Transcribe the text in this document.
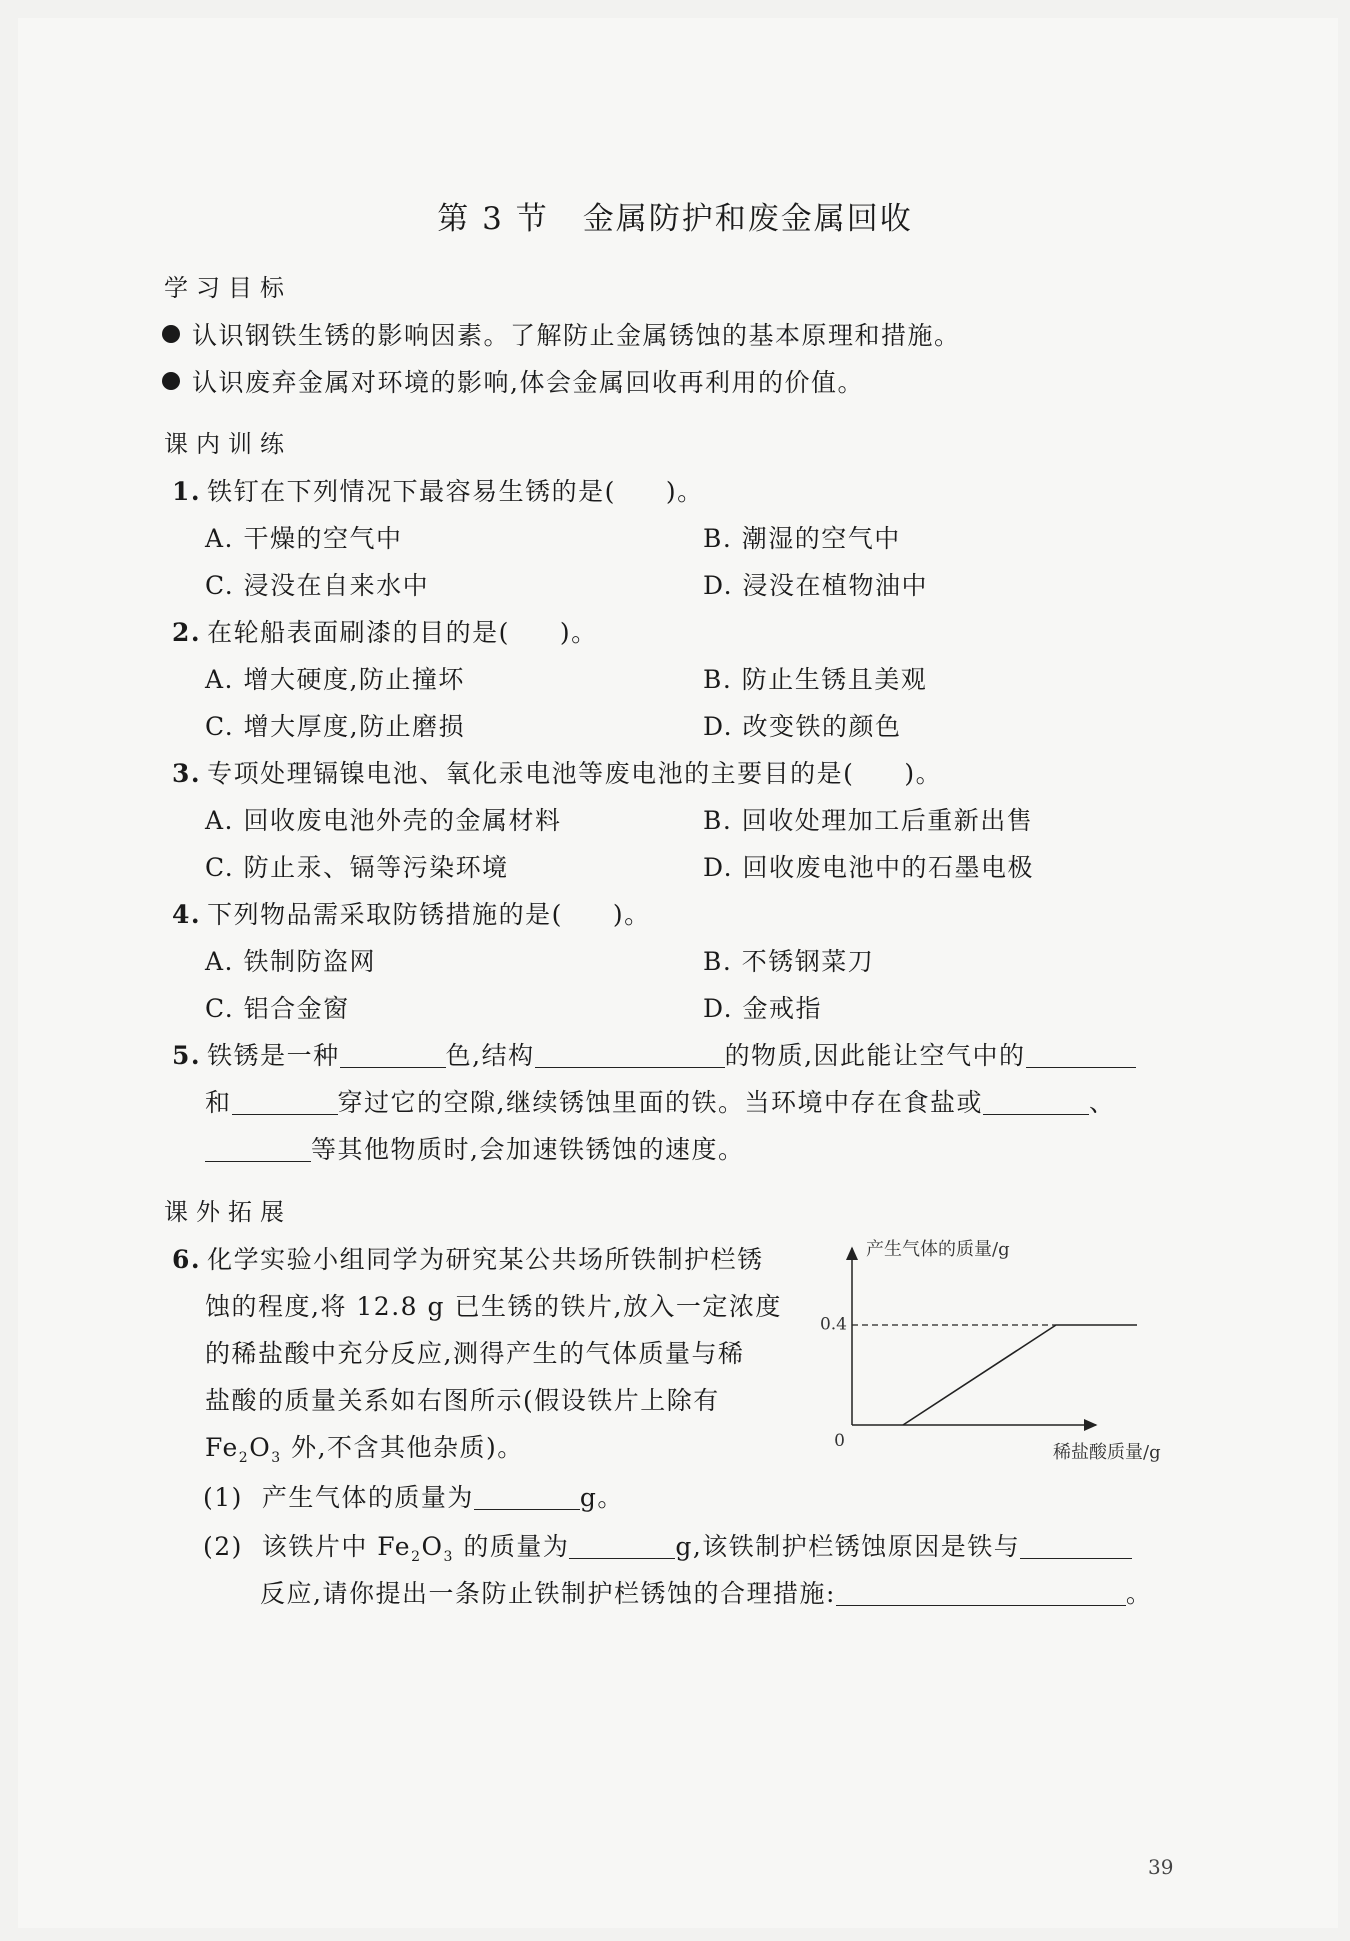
第 3 节 金属防护和废金属回收
学习目标
认识钢铁生锈的影响因素。了解防止金属锈蚀的基本原理和措施。
认识废弃金属对环境的影响,体会金属回收再利用的价值。
课内训练
1. 铁钉在下列情况下最容易生锈的是( )。
A. 干燥的空气中	B. 潮湿的空气中
C. 浸没在自来水中	D. 浸没在植物油中
2. 在轮船表面刷漆的目的是( )。
A. 增大硬度,防止撞坏	B. 防止生锈且美观
C. 增大厚度,防止磨损	D. 改变铁的颜色
3. 专项处理镉镍电池、氧化汞电池等废电池的主要目的是( )。
A. 回收废电池外壳的金属材料	B. 回收处理加工后重新出售
C. 防止汞、镉等污染环境	D. 回收废电池中的石墨电极
4. 下列物品需采取防锈措施的是( )。
A. 铁制防盗网	B. 不锈钢菜刀
C. 铝合金窗	D. 金戒指
5. 铁锈是一种	色,结构	的物质,因此能让空气中的
和	穿过它的空隙,继续锈蚀里面的铁。当环境中存在食盐或	、
等其他物质时,会加速铁锈蚀的速度。
课外拓展
6. 化学实验小组同学为研究某公共场所铁制护栏锈
蚀的程度,将 12.8 g 已生锈的铁片,放入一定浓度
的稀盐酸中充分反应,测得产生的气体质量与稀
盐酸的质量关系如右图所示(假设铁片上除有
$Fe_2O_3$ 外,不含其他杂质)。
(1) 产生气体的质量为	g。
(2) 该铁片中 $Fe_2O_3$ 的质量为	g,该铁制护栏锈蚀原因是铁与
反应,请你提出一条防止铁制护栏锈蚀的合理措施:	。
产生气体的质量/g
稀盐酸质量/g
0
0.4
39
